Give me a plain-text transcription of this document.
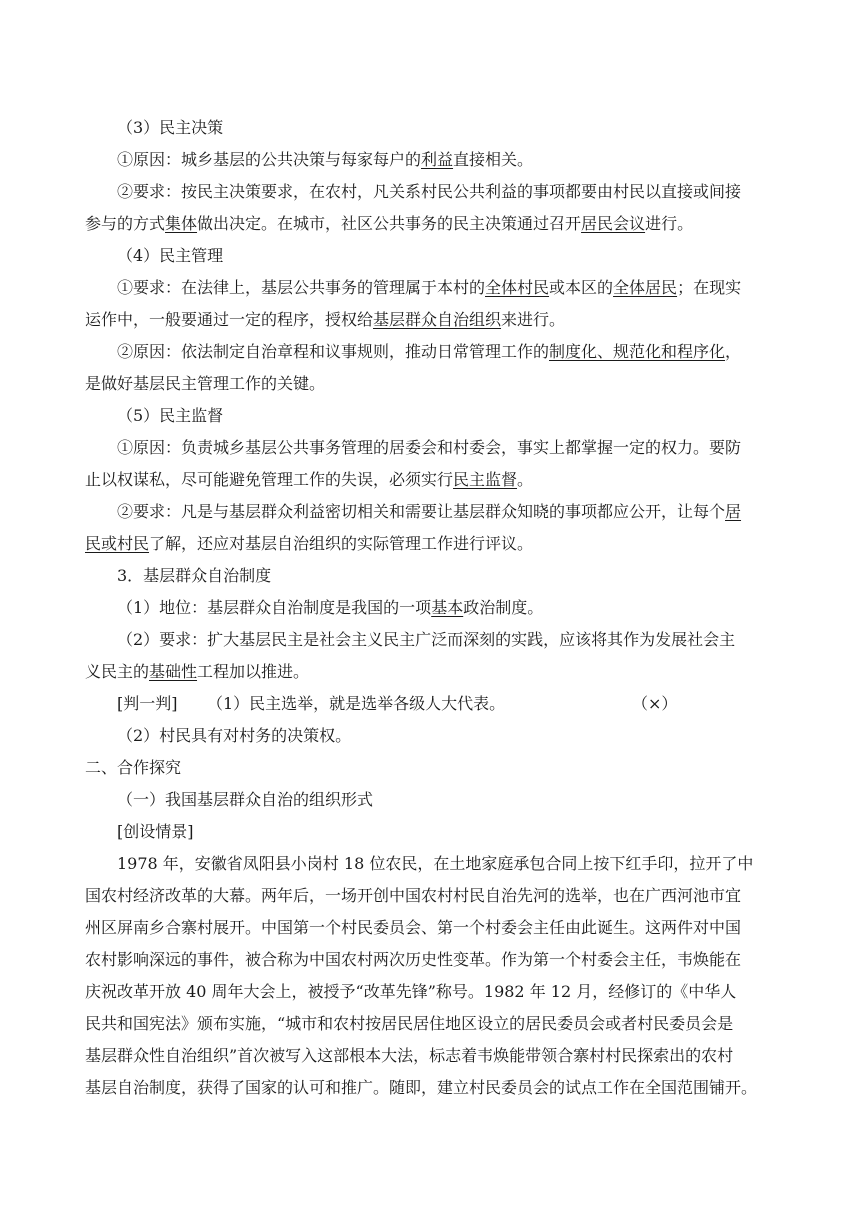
（3）民主决策
①原因：城乡基层的公共决策与每家每户的利益直接相关。
②要求：按民主决策要求，在农村，凡关系村民公共利益的事项都要由村民以直接或间接
参与的方式集体做出决定。在城市，社区公共事务的民主决策通过召开居民会议进行。
（4）民主管理
①要求：在法律上，基层公共事务的管理属于本村的全体村民或本区的全体居民；在现实
运作中，一般要通过一定的程序，授权给基层群众自治组织来进行。
②原因：依法制定自治章程和议事规则，推动日常管理工作的制度化、规范化和程序化，
是做好基层民主管理工作的关键。
（5）民主监督
①原因：负责城乡基层公共事务管理的居委会和村委会，事实上都掌握一定的权力。要防
止以权谋私，尽可能避免管理工作的失误，必须实行民主监督。
②要求：凡是与基层群众利益密切相关和需要让基层群众知晓的事项都应公开，让每个居
民或村民了解，还应对基层自治组织的实际管理工作进行评议。
3．基层群众自治制度
（1）地位：基层群众自治制度是我国的一项基本政治制度。
（2）要求：扩大基层民主是社会主义民主广泛而深刻的实践，应该将其作为发展社会主
义民主的基础性工程加以推进。
[判一判] （1）民主选举，就是选举各级人大代表。	（×）
（2）村民具有对村务的决策权。
二、合作探究
（一）我国基层群众自治的组织形式
[创设情景]
1978 年，安徽省凤阳县小岗村 18 位农民，在土地家庭承包合同上按下红手印，拉开了中
国农村经济改革的大幕。两年后，一场开创中国农村村民自治先河的选举，也在广西河池市宜
州区屏南乡合寨村展开。中国第一个村民委员会、第一个村委会主任由此诞生。这两件对中国
农村影响深远的事件，被合称为中国农村两次历史性变革。作为第一个村委会主任，韦焕能在
庆祝改革开放 40 周年大会上，被授予“改革先锋”称号。1982 年 12 月，经修订的《中华人
民共和国宪法》颁布实施，“城市和农村按居民居住地区设立的居民委员会或者村民委员会是
基层群众性自治组织”首次被写入这部根本大法，标志着韦焕能带领合寨村村民探索出的农村
基层自治制度，获得了国家的认可和推广。随即，建立村民委员会的试点工作在全国范围铺开。
